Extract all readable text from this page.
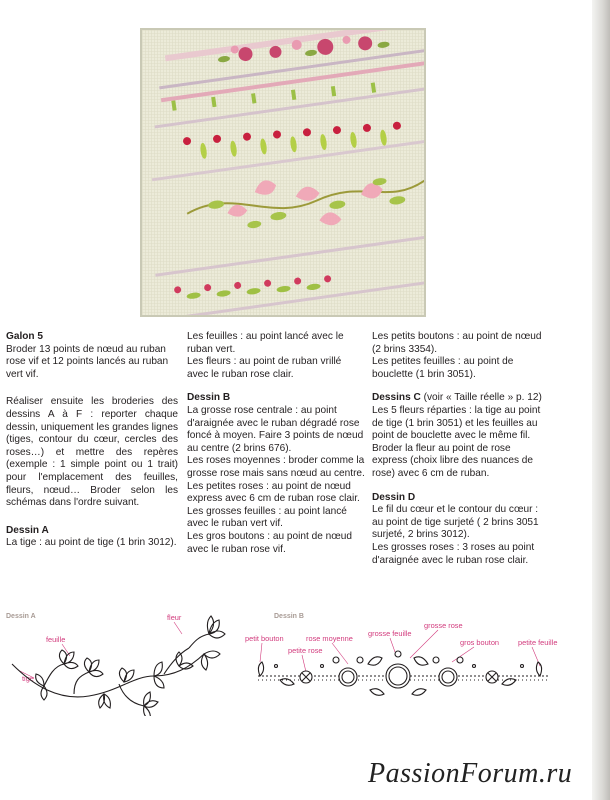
Galon 5

Broder 13 points de nœud au ruban rose vif et 12 points lancés au ruban vert vif.

Réaliser ensuite les broderies des dessins A à F : reporter chaque dessin, uniquement les grandes lignes (tiges, contour du cœur, cercles des roses…) et mettre des repères (exemple : 1 simple point ou 1 trait) pour l'emplacement des feuilles, fleurs, nœud… Broder selon les schémas dans l'ordre suivant.

Dessin A

La tige : au point de tige (1 brin 3012).

Les feuilles : au point lancé avec le ruban vert.

Les fleurs : au point de ruban vrillé avec le ruban rose clair.

Dessin B

La grosse rose centrale : au point d'araignée avec le ruban dégradé rose foncé à moyen. Faire 3 points de nœud au centre (2 brins 676).

Les roses moyennes : broder comme la grosse rose mais sans nœud au centre.

Les petites roses : au point de nœud express avec 6 cm de ruban rose clair.

Les grosses feuilles : au point lancé avec le ruban vert vif.

Les gros boutons : au point de nœud avec le ruban rose vif.

Les petits boutons : au point de nœud (2 brins 3354).

Les petites feuilles : au point de bouclette (1 brin 3051).

Dessins C (voir « Taille réelle » p. 12)

Les 5 fleurs réparties : la tige au point de tige (1 brin 3051) et les feuilles au point de bouclette avec le même fil. Broder la fleur au point de rose express (choix libre des nuances de rose) avec 6 cm de ruban.

Dessin D

Le fil du cœur et le contour du cœur : au point de tige surjeté ( 2 brins 3051 surjeté, 2 brins 3012).

Les grosses roses : 3 roses au point d'araignée avec le ruban rose clair.

Dessin A	fleur
feuille
tige
Dessin B
petit bouton	rose moyenne
grosse feuille
grosse rose
petite rose
gros bouton	petite feuille
PassionForum.ru
